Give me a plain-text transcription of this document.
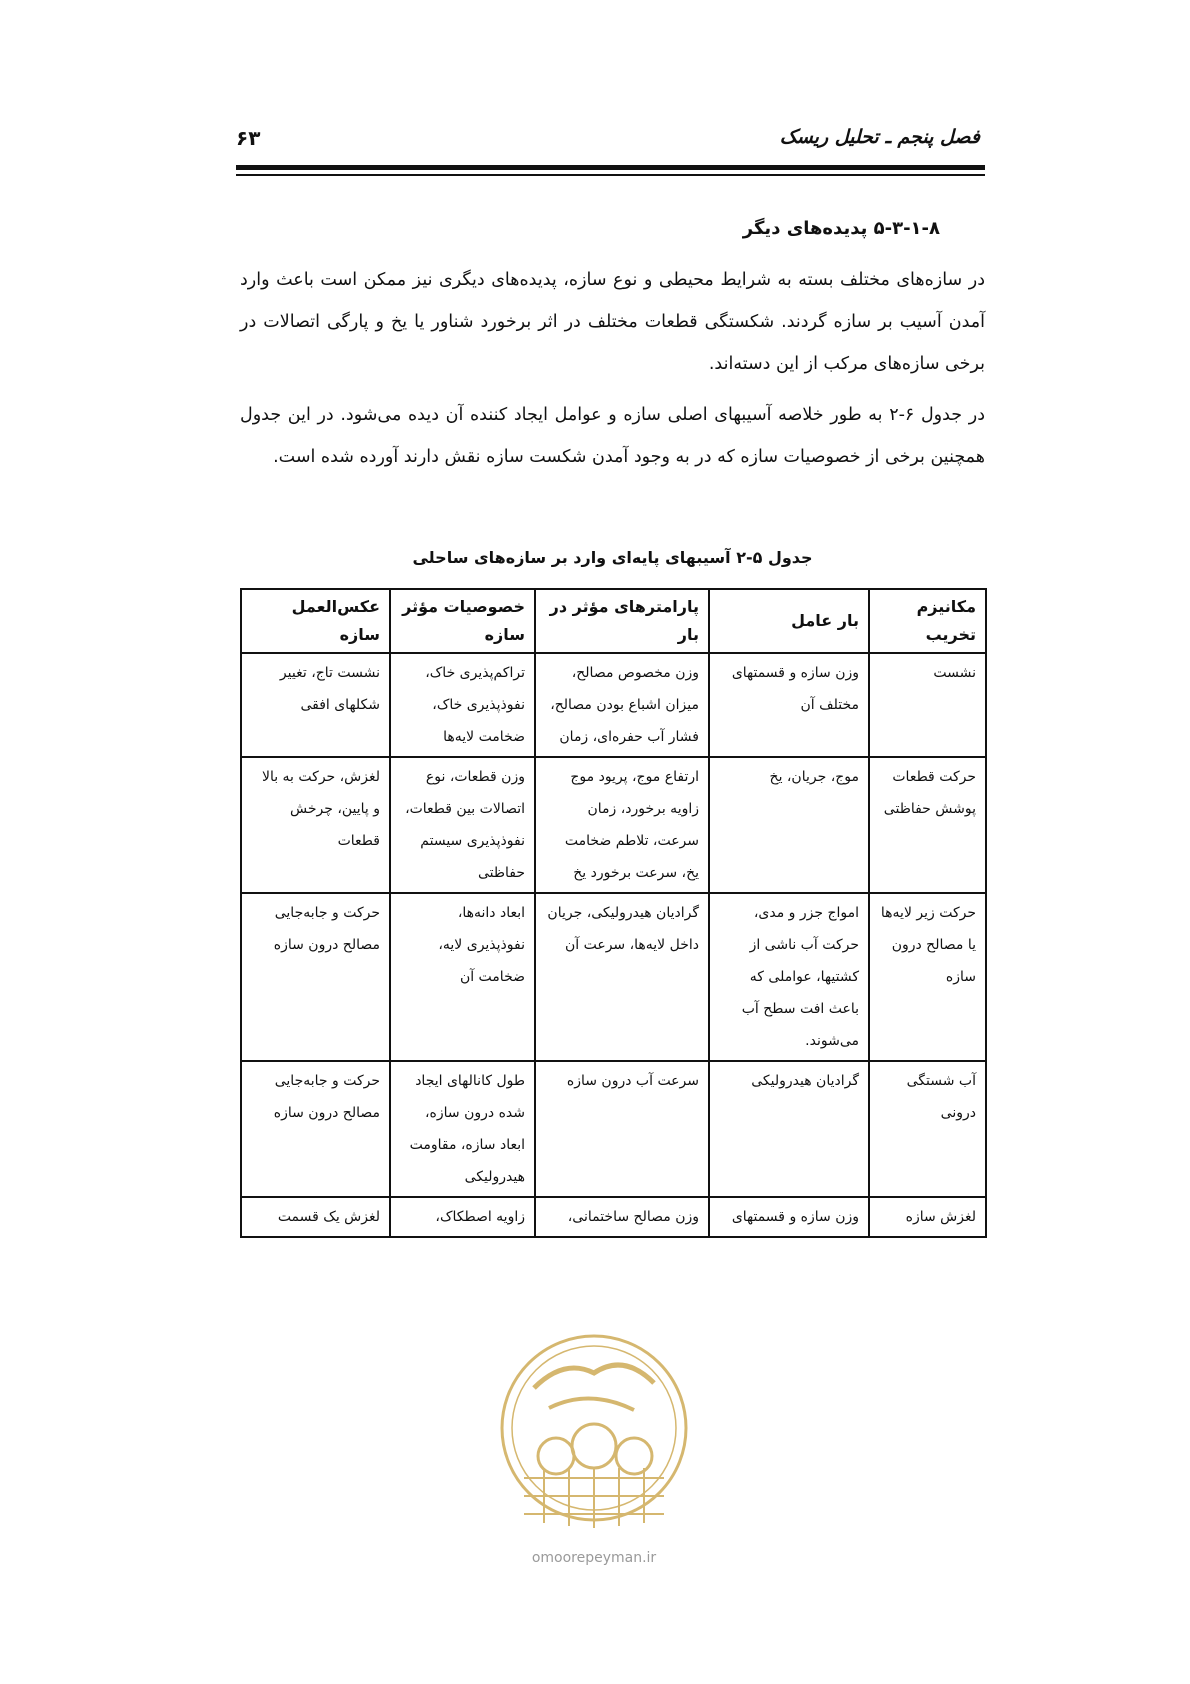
فصل پنجم ـ تحلیل ریسک
۶۳
۵-۳-۱-۸ پدیده‌های دیگر

در سازه‌های مختلف بسته به شرایط محیطی و نوع سازه، پدیده‌های دیگری نیز ممکن است باعث وارد آمدن آسیب بر سازه گردند. شکستگی قطعات مختلف در اثر برخورد شناور یا یخ و پارگی اتصالات در برخی سازه‌های مرکب از این دسته‌اند.

در جدول ۶-۲ به طور خلاصه آسیبهای اصلی سازه و عوامل ایجاد کننده آن دیده می‌شود. در این جدول همچنین برخی از خصوصیات سازه که در به وجود آمدن شکست سازه نقش دارند آورده شده است.

جدول ۵-۲ آسیبهای پایه‌ای وارد بر سازه‌های ساحلی
مکانیزم تخریب	بار عامل	پارامترهای مؤثر در بار	خصوصیات مؤثر سازه	عکس‌العمل سازه
نشست	وزن سازه و قسمتهای مختلف آن	وزن مخصوص مصالح، میزان اشباع بودن مصالح، فشار آب حفره‌ای، زمان	تراکم‌پذیری خاک، نفوذپذیری خاک، ضخامت لایه‌ها	نشست تاج، تغییر شکلهای افقی
حرکت قطعات پوشش حفاظتی	موج، جریان، یخ	ارتفاع موج، پریود موج زاویه برخورد، زمان سرعت، تلاطم ضخامت یخ، سرعت برخورد یخ	وزن قطعات، نوع اتصالات بین قطعات، نفوذپذیری سیستم حفاظتی	لغزش، حرکت به بالا و پایین، چرخش قطعات
حرکت زیر لایه‌ها یا مصالح درون سازه	امواج جزر و مدی، حرکت آب ناشی از کشتیها، عواملی که باعث افت سطح آب می‌شوند.	گرادیان هیدرولیکی، جریان داخل لایه‌ها، سرعت آن	ابعاد دانه‌ها، نفوذپذیری لایه، ضخامت آن	حرکت و جابه‌جایی مصالح درون سازه
آب شستگی درونی	گرادیان هیدرولیکی	سرعت آب درون سازه	طول کانالهای ایجاد شده درون سازه، ابعاد سازه، مقاومت هیدرولیکی	حرکت و جابه‌جایی مصالح درون سازه
لغزش سازه	وزن سازه و قسمتهای	وزن مصالح ساختمانی،	زاویه اصطکاک،	لغزش یک قسمت
omoorepeyman.ir
